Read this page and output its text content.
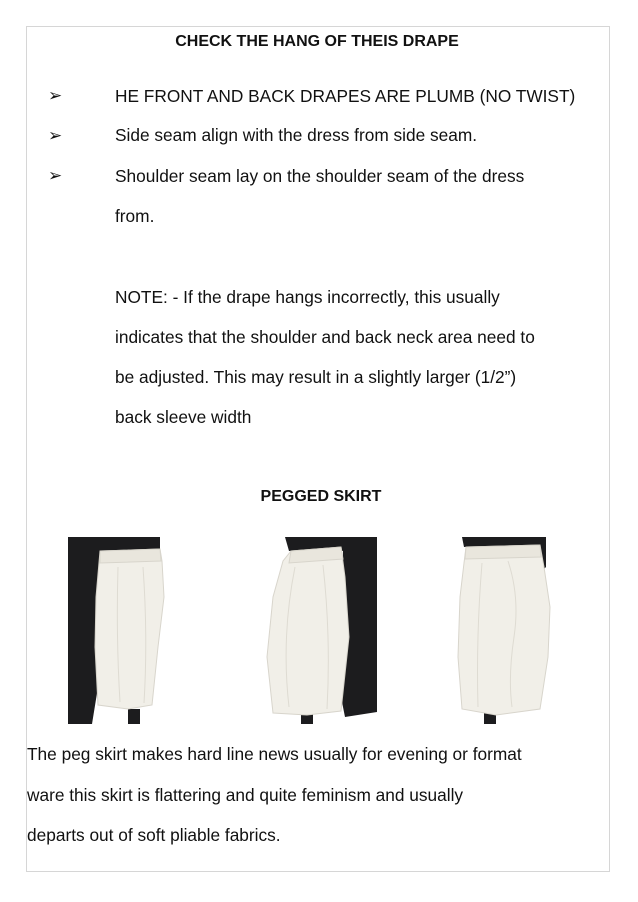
CHECK THE HANG OF THEIS DRAPE
➢	HE FRONT AND BACK DRAPES ARE PLUMB (NO TWIST)
➢	Side seam align with the dress from side seam.
➢	Shoulder seam lay on the shoulder seam of the dress
from.
NOTE: - If the drape hangs incorrectly, this usually
indicates that the shoulder and back neck area need to
be adjusted. This may result in a slightly larger (1/2”)
back sleeve width
PEGGED SKIRT
The peg skirt makes hard line news usually for evening or format
ware this skirt is flattering and quite feminism and usually
departs out of soft pliable fabrics.
